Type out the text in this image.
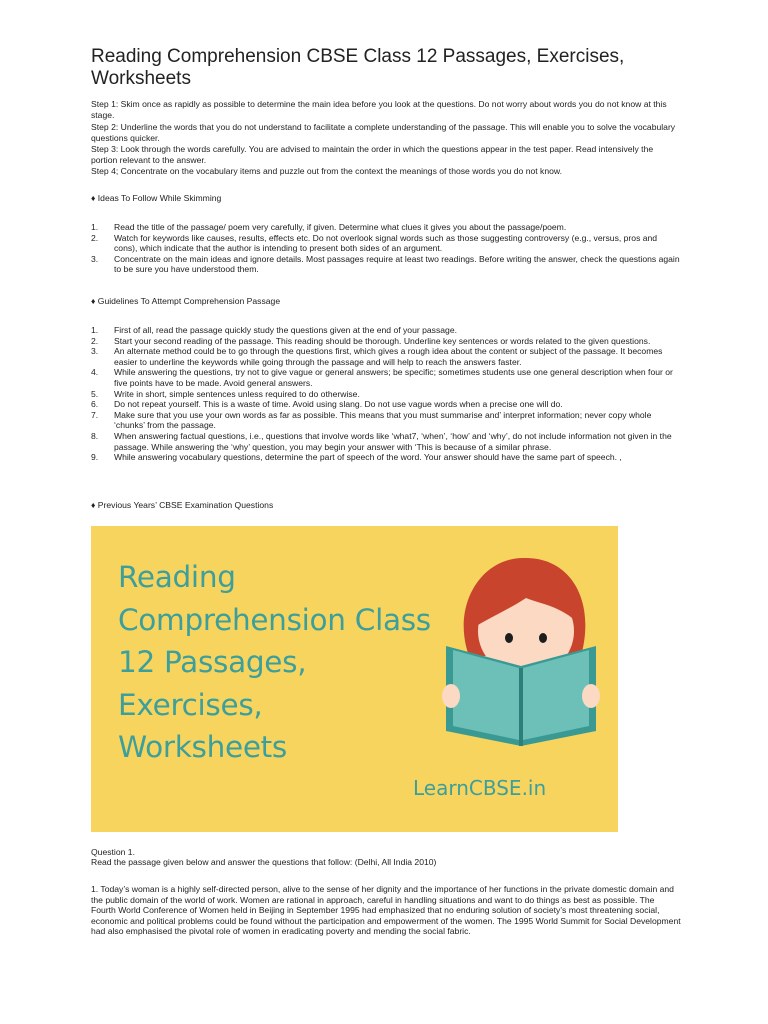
Reading Comprehension CBSE Class 12 Passages, Exercises, Worksheets

Step 1: Skim once as rapidly as possible to determine the main idea before you look at the questions. Do not worry about words you do not know at this stage.

Step 2: Underline the words that you do not understand to facilitate a complete understanding of the passage. This will enable you to solve the vocabulary questions quicker.

Step 3: Look through the words carefully. You are advised to maintain the order in which the questions appear in the test paper. Read intensively the portion relevant to the answer.

Step 4; Concentrate on the vocabulary items and puzzle out from the context the meanings of those words you do not know.

♦ Ideas To Follow While Skimming
1. Read the title of the passage/ poem very carefully, if given. Determine what clues it gives you about the passage/poem.
2. Watch for keywords like causes, results, effects etc. Do not overlook signal words such as those suggesting controversy (e.g., versus, pros and cons), which indicate that the author is intending to present both sides of an argument.
3. Concentrate on the main ideas and ignore details. Most passages require at least two readings. Before writing the answer, check the questions again to be sure you have understood them.
♦ Guidelines To Attempt Comprehension Passage
1. First of all, read the passage quickly study the questions given at the end of your passage.
2. Start your second reading of the passage. This reading should be thorough. Underline key sentences or words related to the given questions.
3. An alternate method could be to go through the questions first, which gives a rough idea about the content or subject of the passage. It becomes easier to underline the keywords while going through the passage and will help to reach the answers faster.
4. While answering the questions, try not to give vague or general answers; be specific; sometimes students use one general description when four or five points have to be made. Avoid general answers.
5. Write in short, simple sentences unless required to do otherwise.
6. Do not repeat yourself. This is a waste of time. Avoid using slang. Do not use vague words when a precise one will do.
7. Make sure that you use your own words as far as possible. This means that you must summarise and’ interpret information; never copy whole ‘chunks’ from the passage.
8. When answering factual questions, i.e., questions that involve words like ‘what7, ‘when’, ‘how’ and ‘why’, do not include information not given in the passage. While answering the ‘why’ question, you may begin your answer with ‘This is because of a similar phrase.
9. While answering vocabulary questions, determine the part of speech of the word. Your answer should have the same part of speech. ,
♦ Previous Years’ CBSE Examination Questions
Reading
Comprehension Class
12 Passages,
Exercises,
Worksheets
LearnCBSE.in

Question 1.

Read the passage given below and answer the questions that follow: (Delhi, All India 2010)

1. Today’s woman is a highly self-directed person, alive to the sense of her dignity and the importance of her functions in the private domestic domain and the public domain of the world of work. Women are rational in approach, careful in handling situations and want to do things as best as possible. The Fourth World Conference of Women held in Beijing in September 1995 had emphasized that no enduring solution of society’s most threatening social, economic and political problems could be found without the participation and empowerment of the women. The 1995 World Summit for Social Development had also emphasised the pivotal role of women in eradicating poverty and mending the social fabric.
